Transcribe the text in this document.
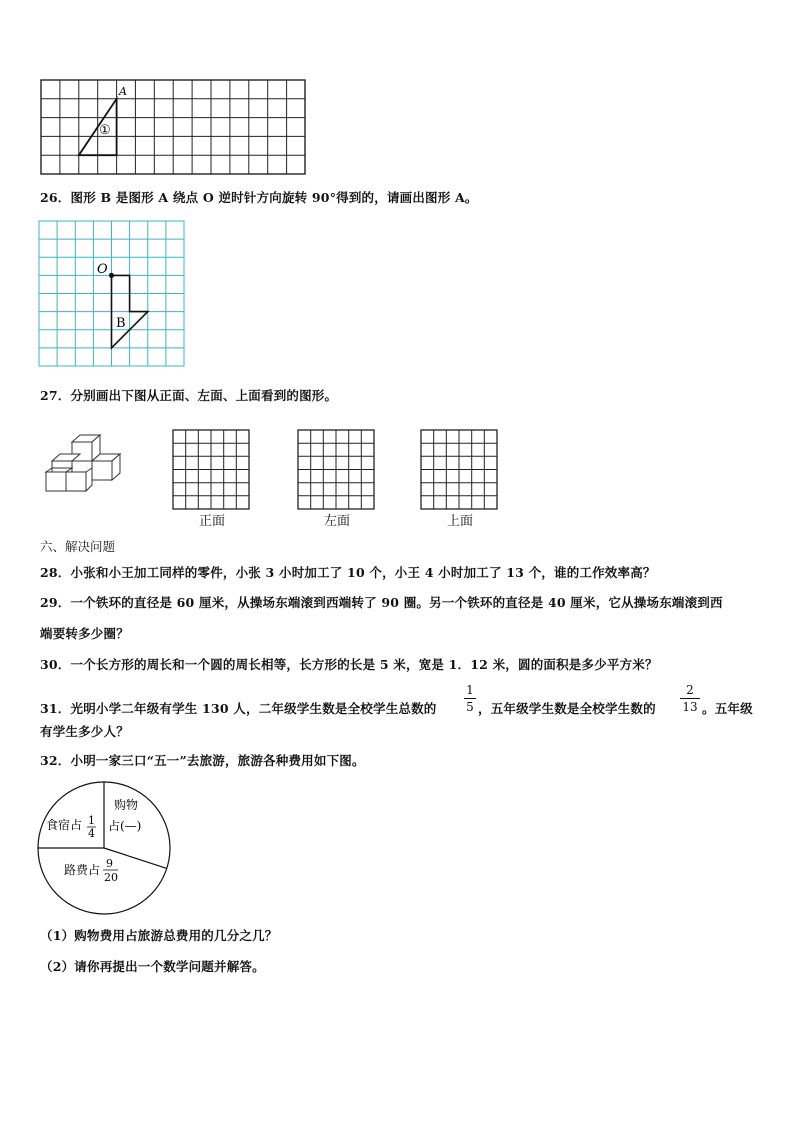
A
①
26．图形 B 是图形 A 绕点 O 逆时针方向旋转 90°得到的，请画出图形 A。
O
B
27．分别画出下图从正面、左面、上面看到的图形。
正面	左面	上面
六、解决问题
28．小张和小王加工同样的零件，小张 3 小时加工了 10 个，小王 4 小时加工了 13 个，谁的工作效率高？
29．一个铁环的直径是 60 厘米，从操场东端滚到西端转了 90 圈。另一个铁环的直径是 40 厘米，它从操场东端滚到西
端要转多少圈？
30．一个长方形的周长和一个圆的周长相等，长方形的长是 5 米，宽是 1．12 米，圆的面积是多少平方米？
31．光明小学二年级有学生 130 人，二年级学生数是全校学生总数的
1
5 ，五年级学生数是全校学生数的
2
13 。五年级
有学生多少人？
32．小明一家三口“五一”去旅游，旅游各种费用如下图。
食宿占 1
4
购物
占(—)
路费占 9
20
（1）购物费用占旅游总费用的几分之几？
（2）请你再提出一个数学问题并解答。
